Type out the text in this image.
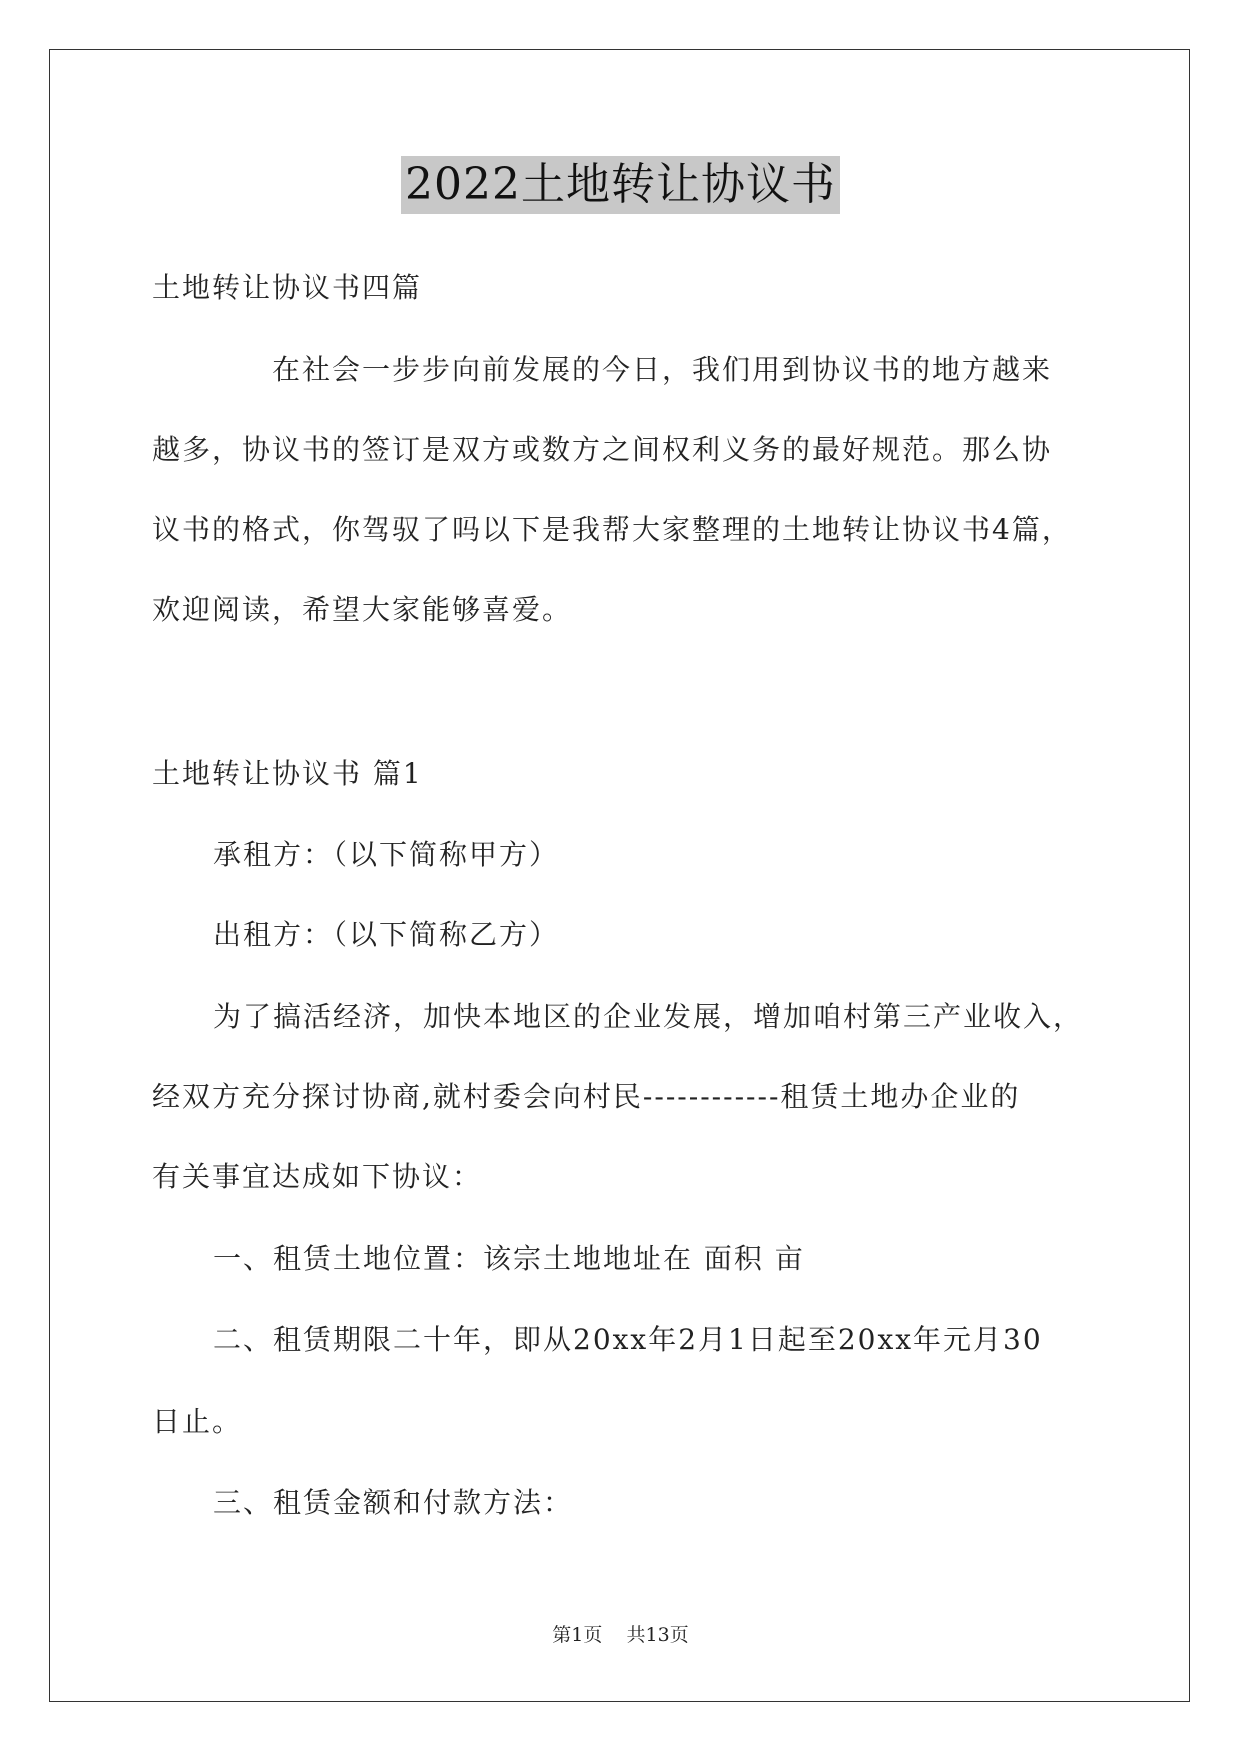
2022土地转让协议书
土地转让协议书四篇
在社会一步步向前发展的今日，我们用到协议书的地方越来
越多，协议书的签订是双方或数方之间权利义务的最好规范。那么协
议书的格式，你驾驭了吗以下是我帮大家整理的土地转让协议书4篇，
欢迎阅读，希望大家能够喜爱。
土地转让协议书 篇1
承租方：（以下简称甲方）
出租方：（以下简称乙方）
为了搞活经济，加快本地区的企业发展，增加咱村第三产业收入，
经双方充分探讨协商,就村委会向村民------------租赁土地办企业的
有关事宜达成如下协议：
一、租赁土地位置：该宗土地地址在 面积 亩
二、租赁期限二十年，即从20xx年2月1日起至20xx年元月30
日止。
三、租赁金额和付款方法：
第1页 共13页
